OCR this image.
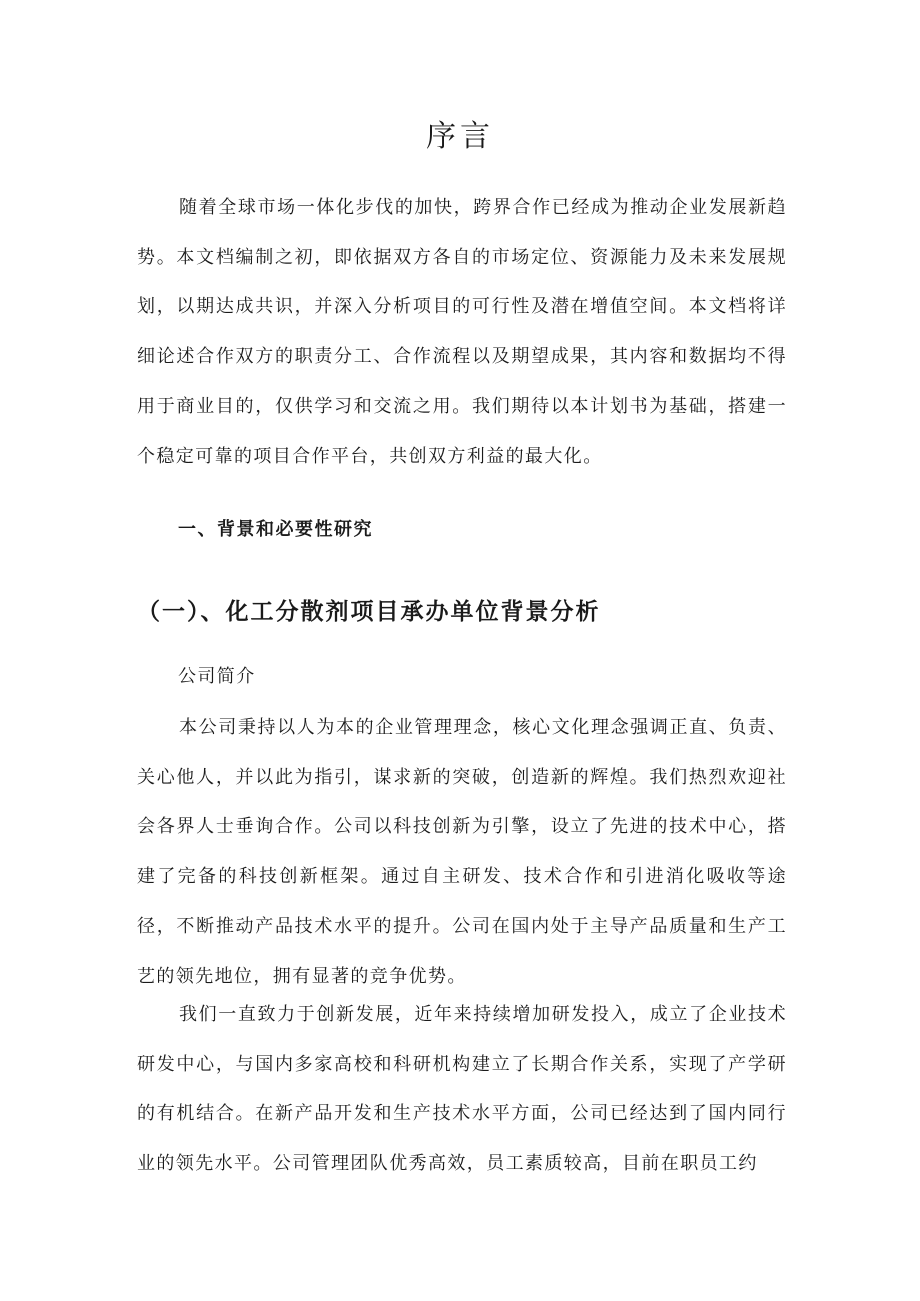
序言

随着全球市场一体化步伐的加快，跨界合作已经成为推动企业发展新趋势。本文档编制之初，即依据双方各自的市场定位、资源能力及未来发展规划，以期达成共识，并深入分析项目的可行性及潜在增值空间。本文档将详细论述合作双方的职责分工、合作流程以及期望成果，其内容和数据均不得用于商业目的，仅供学习和交流之用。我们期待以本计划书为基础，搭建一个稳定可靠的项目合作平台，共创双方利益的最大化。

一、背景和必要性研究
（一）、化工分散剂项目承办单位背景分析

公司简介

本公司秉持以人为本的企业管理理念，核心文化理念强调正直、负责、关心他人，并以此为指引，谋求新的突破，创造新的辉煌。我们热烈欢迎社会各界人士垂询合作。公司以科技创新为引擎，设立了先进的技术中心，搭建了完备的科技创新框架。通过自主研发、技术合作和引进消化吸收等途径，不断推动产品技术水平的提升。公司在国内处于主导产品质量和生产工艺的领先地位，拥有显著的竞争优势。

我们一直致力于创新发展，近年来持续增加研发投入，成立了企业技术研发中心，与国内多家高校和科研机构建立了长期合作关系，实现了产学研的有机结合。在新产品开发和生产技术水平方面，公司已经达到了国内同行业的领先水平。公司管理团队优秀高效，员工素质较高，目前在职员工约
